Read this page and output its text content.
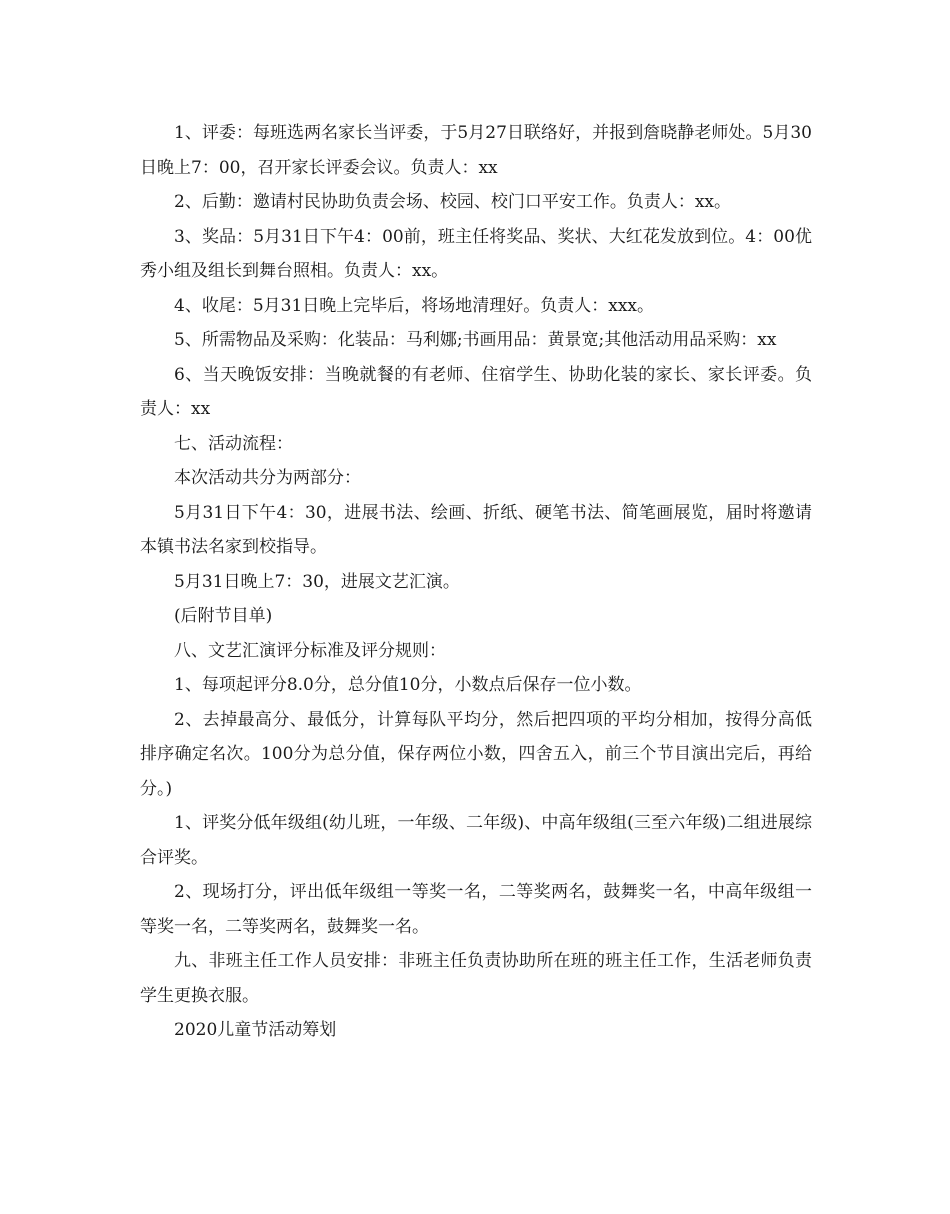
1、评委：每班选两名家长当评委，于5月27日联络好，并报到詹晓静老师处。5月30日晚上7：00，召开家长评委会议。负责人：xx

2、后勤：邀请村民协助负责会场、校园、校门口平安工作。负责人：xx。

3、奖品：5月31日下午4：00前，班主任将奖品、奖状、大红花发放到位。4：00优秀小组及组长到舞台照相。负责人：xx。

4、收尾：5月31日晚上完毕后，将场地清理好。负责人：xxx。

5、所需物品及采购：化装品：马利娜;书画用品：黄景宽;其他活动用品采购：xx

6、当天晚饭安排：当晚就餐的有老师、住宿学生、协助化装的家长、家长评委。负责人：xx

七、活动流程：

本次活动共分为两部分：

5月31日下午4：30，进展书法、绘画、折纸、硬笔书法、简笔画展览，届时将邀请本镇书法名家到校指导。

5月31日晚上7：30，进展文艺汇演。

(后附节目单)

八、文艺汇演评分标准及评分规则：

1、每项起评分8.0分，总分值10分，小数点后保存一位小数。

2、去掉最高分、最低分，计算每队平均分，然后把四项的平均分相加，按得分高低排序确定名次。100分为总分值，保存两位小数，四舍五入，前三个节目演出完后，再给分。)

1、评奖分低年级组(幼儿班，一年级、二年级)、中高年级组(三至六年级)二组进展综合评奖。

2、现场打分，评出低年级组一等奖一名，二等奖两名，鼓舞奖一名，中高年级组一等奖一名，二等奖两名，鼓舞奖一名。

九、非班主任工作人员安排：非班主任负责协助所在班的班主任工作，生活老师负责学生更换衣服。

2020儿童节活动筹划
